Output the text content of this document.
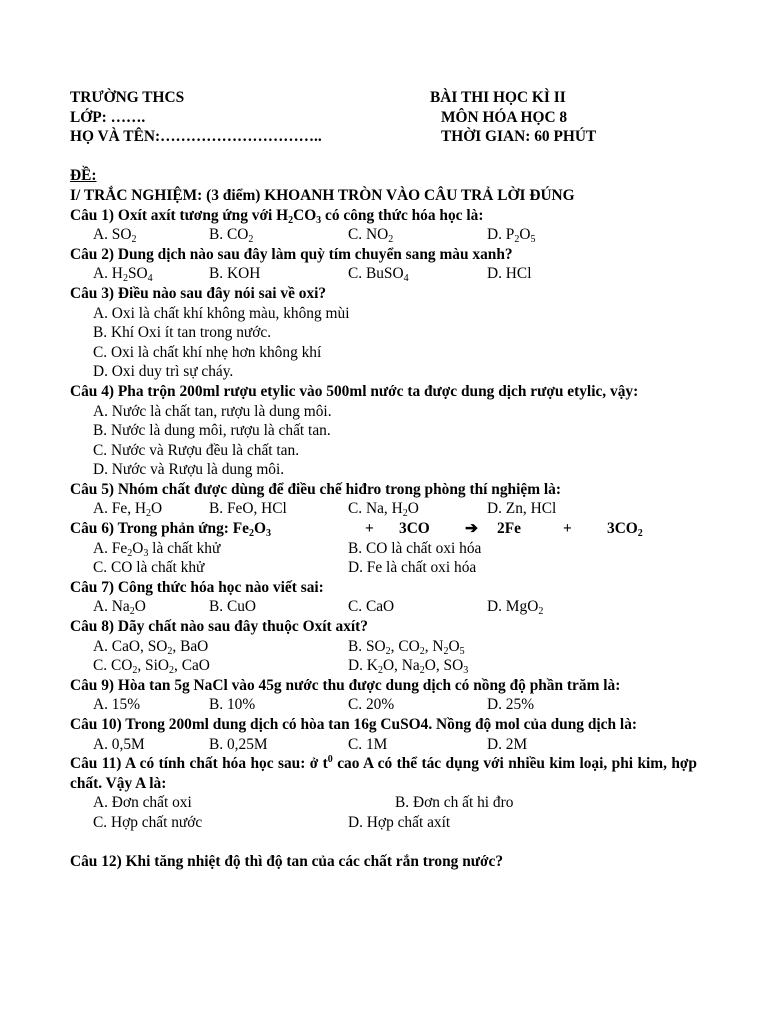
TRƯỜNG THCS	BÀI THI HỌC KÌ II
LỚP: …….	MÔN HÓA HỌC 8
HỌ VÀ TÊN:…………………………..	THỜI GIAN: 60 PHÚT
ĐỀ:
I/ TRẮC NGHIỆM: (3 điểm) KHOANH TRÒN VÀO CÂU TRẢ LỜI ĐÚNG
Câu 1) Oxít axít tương ứng với $H_2CO_3$ có công thức hóa học là:
A. $SO_2$	B. $CO_2$	C. $NO_2$	D. $P_2O_5$
Câu 2) Dung dịch nào sau đây làm quỳ tím chuyển sang màu xanh?
A. $H_2SO_4$	B. KOH	C. BuSO$_4$	D. HCl
Câu 3) Điều nào sau đây nói sai về oxi?
A. Oxi là chất khí không màu, không mùi
B. Khí Oxi ít tan trong nước.
C. Oxi là chất khí nhẹ hơn không khí
D. Oxi duy trì sự cháy.
Câu 4) Pha trộn 200ml rượu etylic vào 500ml nước ta được dung dịch rượu etylic, vậy:
A. Nước là chất tan, rượu là dung môi.
B. Nước là dung môi, rượu là chất tan.
C. Nước và Rượu đều là chất tan.
D. Nước và Rượu là dung môi.
Câu 5) Nhóm chất được dùng để điều chế hiđro trong phòng thí nghiệm là:
A. Fe, $H_2O$	B. FeO, HCl	C. Na, $H_2O$	D. Zn, HCl
Câu 6) Trong phản ứng: $Fe_2O_3$	+	3CO	➔	2Fe	+	$3CO_2$
A. $Fe_2O_3$ là chất khử	B. CO là chất oxi hóa
C. CO là chất khử	D. Fe là chất oxi hóa
Câu 7) Công thức hóa học nào viết sai:
A. $Na_2O$	B. CuO	C. CaO	D. MgO$_2$
Câu 8) Dãy chất nào sau đây thuộc Oxít axít?
A. CaO, $SO_2$, BaO	B. $SO_2$, $CO_2$, $N_2O_5$
C. $CO_2$, SiO$_2$, CaO	D. $K_2O$, $Na_2O$, $SO_3$
Câu 9) Hòa tan 5g NaCl vào 45g nước thu được dung dịch có nồng độ phần trăm là:
A. 15%	B. 10%	C. 20%	D. 25%
Câu 10) Trong 200ml dung dịch có hòa tan 16g CuSO4. Nồng độ mol của dung dịch là:
A. 0,5M	B. 0,25M	C. 1M	D. 2M
Câu 11) A có tính chất hóa học sau: ở $t^0$ cao A có thể tác dụng với nhiều kim loại, phi kim, hợp chất. Vậy A là:
A. Đơn chất oxi	B. Đơn ch ất hi đro
C. Hợp chất nước	D. Hợp chất axít
Câu 12) Khi tăng nhiệt độ thì độ tan của các chất rắn trong nước?
